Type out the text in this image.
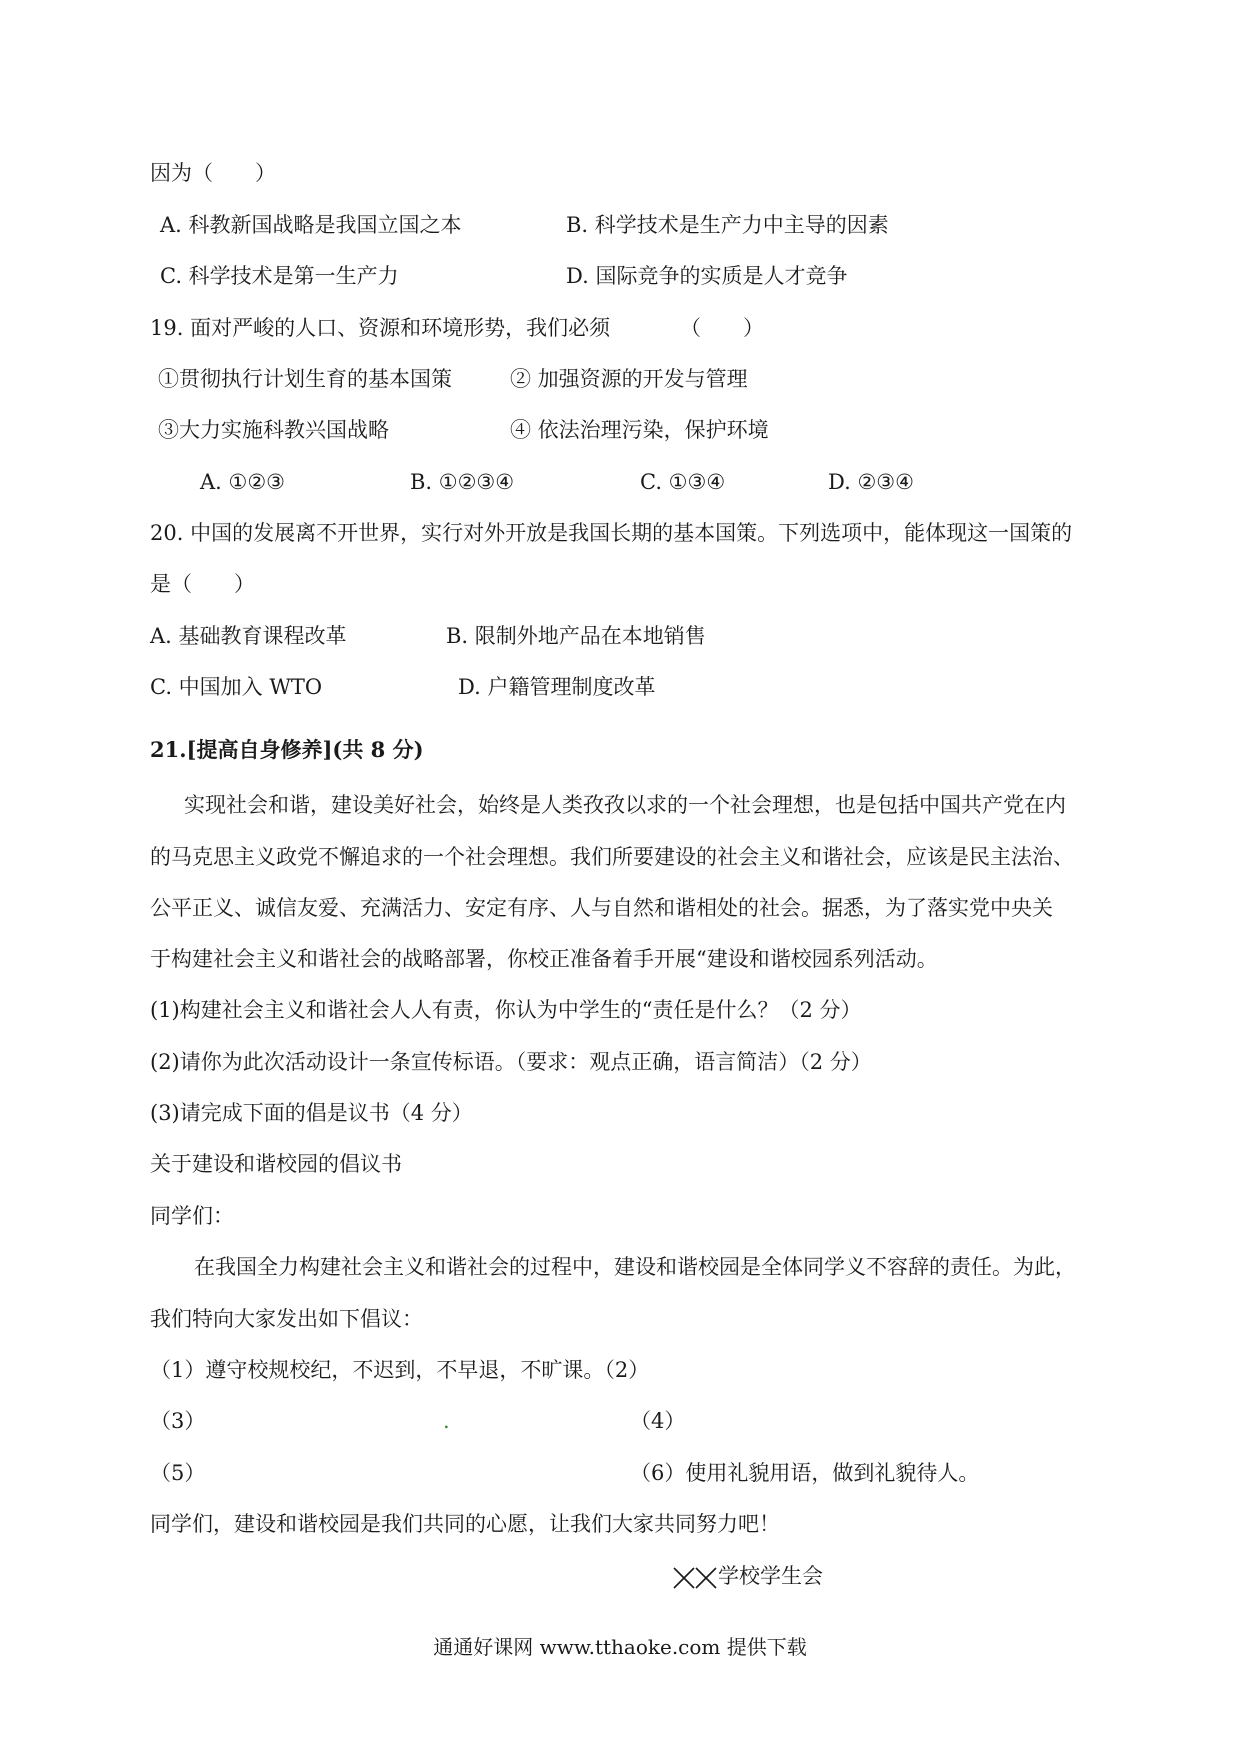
因为（　　）
A. 科教新国战略是我国立国之本	B. 科学技术是生产力中主导的因素
C. 科学技术是第一生产力	D. 国际竞争的实质是人才竞争
19. 面对严峻的人口、资源和环境形势，我们必须	（　　）
①贯彻执行计划生育的基本国策	② 加强资源的开发与管理
③大力实施科教兴国战略	④ 依法治理污染，保护环境
A. ①②③	B. ①②③④	C. ①③④	D. ②③④
20. 中国的发展离不开世界，实行对外开放是我国长期的基本国策。下列选项中，能体现这一国策的
是（　　）
A. 基础教育课程改革	B. 限制外地产品在本地销售
C. 中国加入 WTO	D. 户籍管理制度改革
21.[提高自身修养](共 8 分)
实现社会和谐，建设美好社会，始终是人类孜孜以求的一个社会理想，也是包括中国共产党在内
的马克思主义政党不懈追求的一个社会理想。我们所要建设的社会主义和谐社会，应该是民主法治、
公平正义、诚信友爱、充满活力、安定有序、人与自然和谐相处的社会。据悉，为了落实党中央关
于构建社会主义和谐社会的战略部署，你校正准备着手开展“建设和谐校园系列活动。
(1)构建社会主义和谐社会人人有责，你认为中学生的“责任是什么？（2 分）
(2)请你为此次活动设计一条宣传标语。（要求：观点正确，语言简洁）（2 分）
(3)请完成下面的倡是议书（4 分）
关于建设和谐校园的倡议书
同学们：
在我国全力构建社会主义和谐社会的过程中，建设和谐校园是全体同学义不容辞的责任。为此，
我们特向大家发出如下倡议：
（1）遵守校规校纪，不迟到，不早退，不旷课。（2）
（3）	.	（4）
（5）	（6）使用礼貌用语，做到礼貌待人。
同学们，建设和谐校园是我们共同的心愿，让我们大家共同努力吧！
学校学生会
通通好课网 www.tthaoke.com 提供下载
